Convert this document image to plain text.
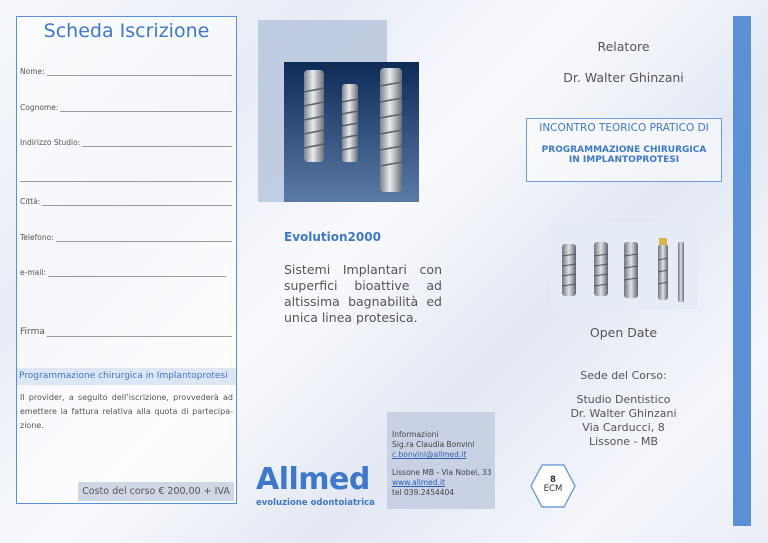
Scheda Iscrizione
Nome:
Cognome:
Indirizzo Studio:
Città:
Telefono:
e-mail:
Firma
Programmazione chirurgica in Implantoprotesi
Il provider, a seguito dell’iscrizione, provvederà ad emettere la fattura relativa alla quota di partecipa-zione.
Costo del corso € 200,00 + IVA
Evolution2000
Sistemi Implantari con superfici bioattive ad altissima bagnabilità ed unica linea protesica.
Informazioni
Sig.ra Claudia Bonvini
c.bonvini@allmed.it
Lissone MB - Via Nobel, 33
www.allmed.it
tel 039.2454404
Allmed
evoluzione odontoiatrica
Relatore
Dr. Walter Ghinzani
INCONTRO TEORICO PRATICO DI
PROGRAMMAZIONE CHIRURGICA
IN IMPLANTOPROTESI
Open Date
Sede del Corso:
Studio Dentistico
Dr. Walter Ghinzani
Via Carducci, 8
Lissone - MB
8
ECM
